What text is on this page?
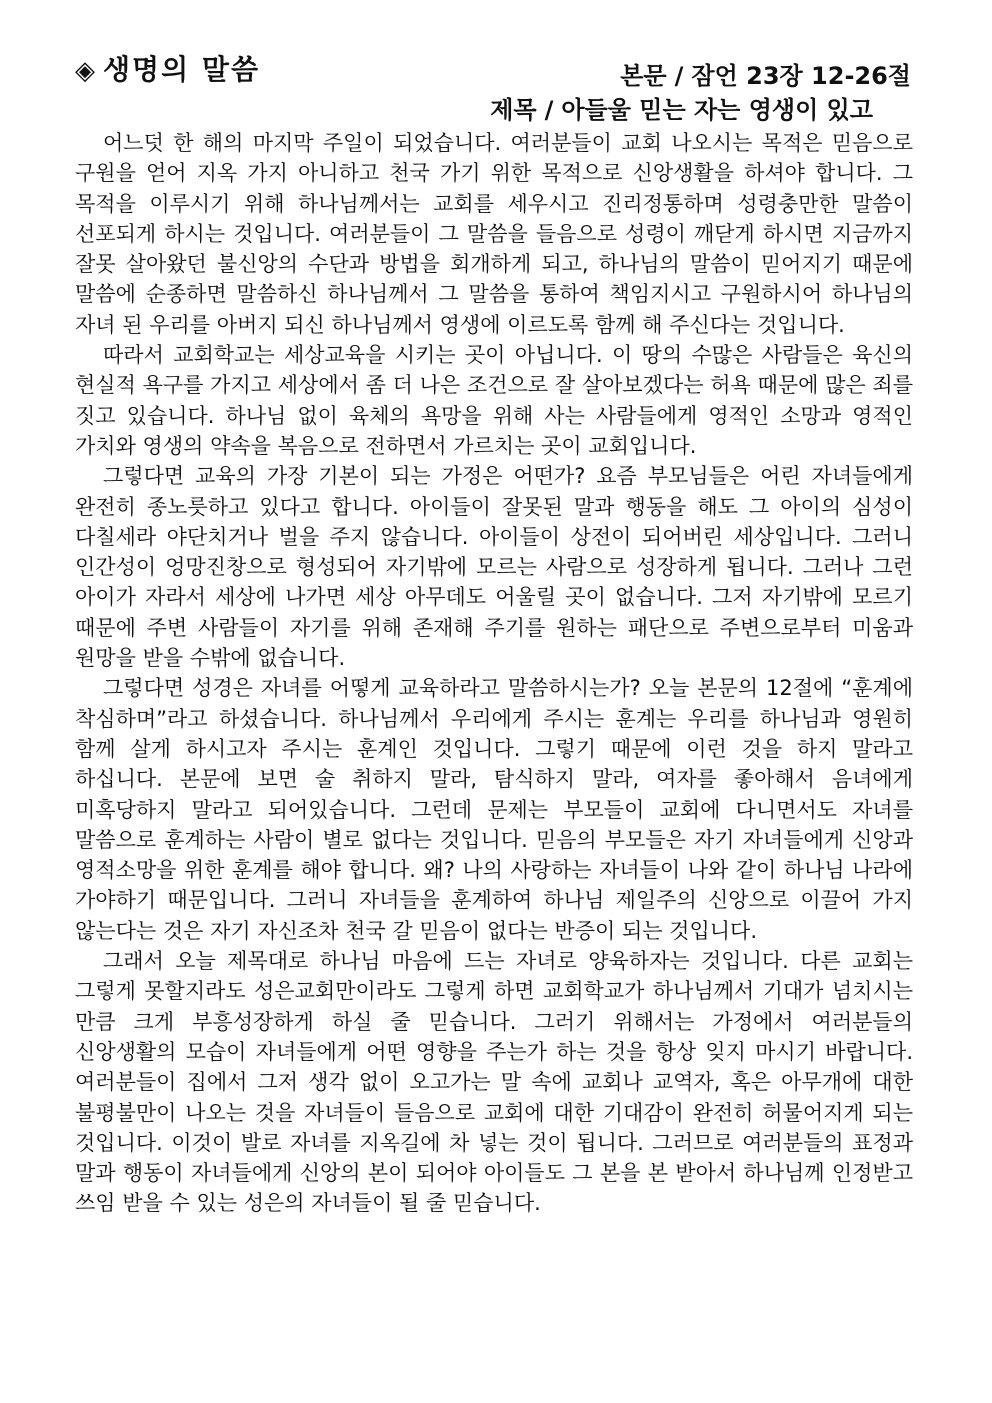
◈ 생명의 말씀	본문 / 잠언 23장 12-26절
제목 / 아들울 믿는 자는 영생이 있고

어느덧 한 해의 마지막 주일이 되었습니다. 여러분들이 교회 나오시는 목적은 믿음으로 구원을 얻어 지옥 가지 아니하고 천국 가기 위한 목적으로 신앙생활을 하셔야 합니다. 그 목적을 이루시기 위해 하나님께서는 교회를 세우시고 진리정통하며 성령충만한 말씀이 선포되게 하시는 것입니다. 여러분들이 그 말씀을 들음으로 성령이 깨닫게 하시면 지금까지 잘못 살아왔던 불신앙의 수단과 방법을 회개하게 되고, 하나님의 말씀이 믿어지기 때문에 말씀에 순종하면 말씀하신 하나님께서 그 말씀을 통하여 책임지시고 구원하시어 하나님의 자녀 된 우리를 아버지 되신 하나님께서 영생에 이르도록 함께 해 주신다는 것입니다.

따라서 교회학교는 세상교육을 시키는 곳이 아닙니다. 이 땅의 수많은 사람들은 육신의 현실적 욕구를 가지고 세상에서 좀 더 나은 조건으로 잘 살아보겠다는 허욕 때문에 많은 죄를 짓고 있습니다. 하나님 없이 육체의 욕망을 위해 사는 사람들에게 영적인 소망과 영적인 가치와 영생의 약속을 복음으로 전하면서 가르치는 곳이 교회입니다.

그렇다면 교육의 가장 기본이 되는 가정은 어떤가? 요즘 부모님들은 어린 자녀들에게 완전히 종노릇하고 있다고 합니다. 아이들이 잘못된 말과 행동을 해도 그 아이의 심성이 다칠세라 야단치거나 벌을 주지 않습니다. 아이들이 상전이 되어버린 세상입니다. 그러니 인간성이 엉망진창으로 형성되어 자기밖에 모르는 사람으로 성장하게 됩니다. 그러나 그런 아이가 자라서 세상에 나가면 세상 아무데도 어울릴 곳이 없습니다. 그저 자기밖에 모르기 때문에 주변 사람들이 자기를 위해 존재해 주기를 원하는 패단으로 주변으로부터 미움과 원망을 받을 수밖에 없습니다.

그렇다면 성경은 자녀를 어떻게 교육하라고 말씀하시는가? 오늘 본문의 12절에 “훈계에 착심하며”라고 하셨습니다. 하나님께서 우리에게 주시는 훈계는 우리를 하나님과 영원히 함께 살게 하시고자 주시는 훈계인 것입니다. 그렇기 때문에 이런 것을 하지 말라고 하십니다. 본문에 보면 술 취하지 말라, 탐식하지 말라, 여자를 좋아해서 음녀에게 미혹당하지 말라고 되어있습니다. 그런데 문제는 부모들이 교회에 다니면서도 자녀를 말씀으로 훈계하는 사람이 별로 없다는 것입니다. 믿음의 부모들은 자기 자녀들에게 신앙과 영적소망을 위한 훈계를 해야 합니다. 왜? 나의 사랑하는 자녀들이 나와 같이 하나님 나라에 가야하기 때문입니다. 그러니 자녀들을 훈계하여 하나님 제일주의 신앙으로 이끌어 가지 않는다는 것은 자기 자신조차 천국 갈 믿음이 없다는 반증이 되는 것입니다.

그래서 오늘 제목대로 하나님 마음에 드는 자녀로 양육하자는 것입니다. 다른 교회는 그렇게 못할지라도 성은교회만이라도 그렇게 하면 교회학교가 하나님께서 기대가 넘치시는 만큼 크게 부흥성장하게 하실 줄 믿습니다. 그러기 위해서는 가정에서 여러분들의 신앙생활의 모습이 자녀들에게 어떤 영향을 주는가 하는 것을 항상 잊지 마시기 바랍니다. 여러분들이 집에서 그저 생각 없이 오고가는 말 속에 교회나 교역자, 혹은 아무개에 대한 불평불만이 나오는 것을 자녀들이 들음으로 교회에 대한 기대감이 완전히 허물어지게 되는 것입니다. 이것이 발로 자녀를 지옥길에 차 넣는 것이 됩니다. 그러므로 여러분들의 표정과 말과 행동이 자녀들에게 신앙의 본이 되어야 아이들도 그 본을 본 받아서 하나님께 인정받고 쓰임 받을 수 있는 성은의 자녀들이 될 줄 믿습니다.
